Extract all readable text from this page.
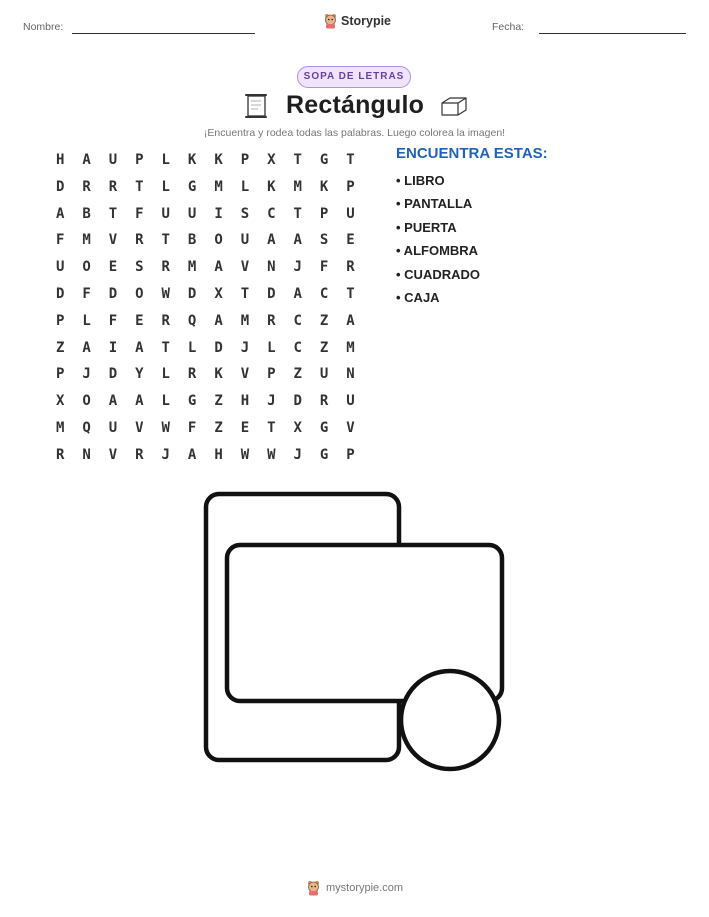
Nombre:	Storypie	Fecha:
SOPA DE LETRAS
Rectángulo
¡Encuentra y rodea todas las palabras. Luego colorea la imagen!
H	A	U	P	L	K	K	P	X	T	G	T
D	R	R	T	L	G	M	L	K	M	K	P
A	B	T	F	U	U	I	S	C	T	P	U
F	M	V	R	T	B	O	U	A	A	S	E
U	O	E	S	R	M	A	V	N	J	F	R
D	F	D	O	W	D	X	T	D	A	C	T
P	L	F	E	R	Q	A	M	R	C	Z	A
Z	A	I	A	T	L	D	J	L	C	Z	M
P	J	D	Y	L	R	K	V	P	Z	U	N
X	O	A	A	L	G	Z	H	J	D	R	U
M	Q	U	V	W	F	Z	E	T	X	G	V
R	N	V	R	J	A	H	W	W	J	G	P
ENCUENTRA ESTAS:
• LIBRO
• PANTALLA
• PUERTA
• ALFOMBRA
• CUADRADO
• CAJA
mystorypie.com
